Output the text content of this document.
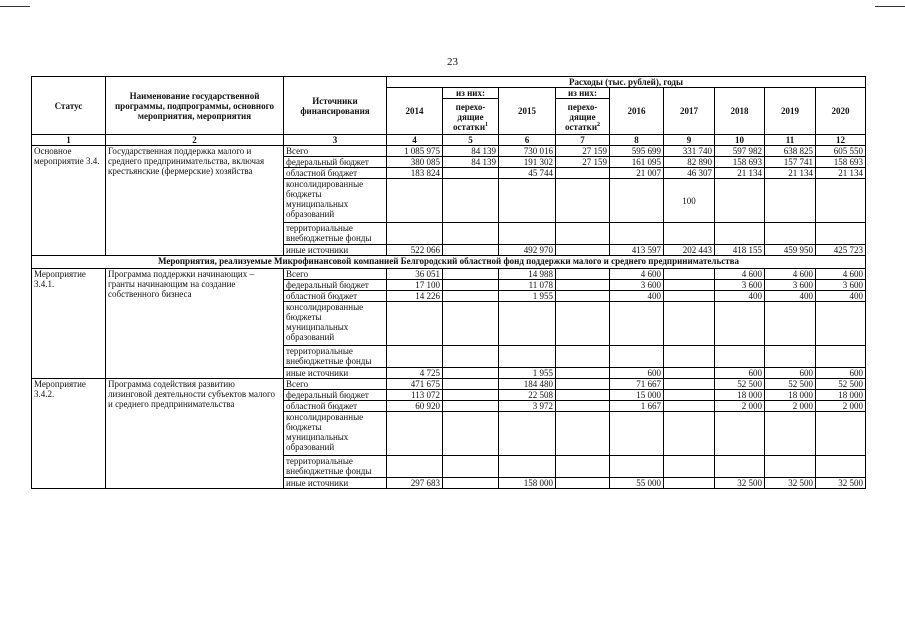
23
Статус	Наименование государственной программы, подпрограммы, основного мероприятия, мероприятия	Источники финансирования	Расходы (тыс. рублей), годы								
			2014	из них:	2015	из них:	2016	2017	2018	2019	2020
				перехо-дящие остатки$^1$		перехо-дящие остатки$^2$

1	2	3	4	5	6	7	8	9	10	11	12
Основное мероприятие 3.4.	Государственная поддержка малого и среднего предпринимательства, включая крестьянские (фермерские) хозяйства	Всего	1 085 975	84 139	730 016	27 159	595 699	331 740	597 982	638 825	605 550
		федеральный бюджет	380 085	84 139	191 302	27 159	161 095	82 890	158 693	157 741	158 693
		областной бюджет	183 824		45 744		21 007	46 307	21 134	21 134	21 134
		консолидированные бюджеты муниципальных образований						100			
		территориальные внебюджетные фонды									
		иные источники	522 066		492 970		413 597	202 443	418 155	459 950	425 723
Мероприятия, реализуемые Микрофинансовой компанией Белгородский областной фонд поддержки малого и среднего предпринимательства											
Мероприятие 3.4.1.	Программа поддержки начинающих – гранты начинающим на создание собственного бизнеса	Всего	36 051		14 988		4 600		4 600	4 600	4 600
		федеральный бюджет	17 100		11 078		3 600		3 600	3 600	3 600
		областной бюджет	14 226		1 955		400		400	400	400
		консолидированные бюджеты муниципальных образований									
		территориальные внебюджетные фонды									
		иные источники	4 725		1 955		600		600	600	600
Мероприятие 3.4.2.	Программа содействия развитию лизинговой деятельности субъектов малого и среднего предпринимательства	Всего	471 675		184 480		71 667		52 500	52 500	52 500
		федеральный бюджет	113 072		22 508		15 000		18 000	18 000	18 000
		областной бюджет	60 920		3 972		1 667		2 000	2 000	2 000
		консолидированные бюджеты муниципальных образований									
		территориальные внебюджетные фонды									
		иные источники	297 683		158 000		55 000		32 500	32 500	32 500
